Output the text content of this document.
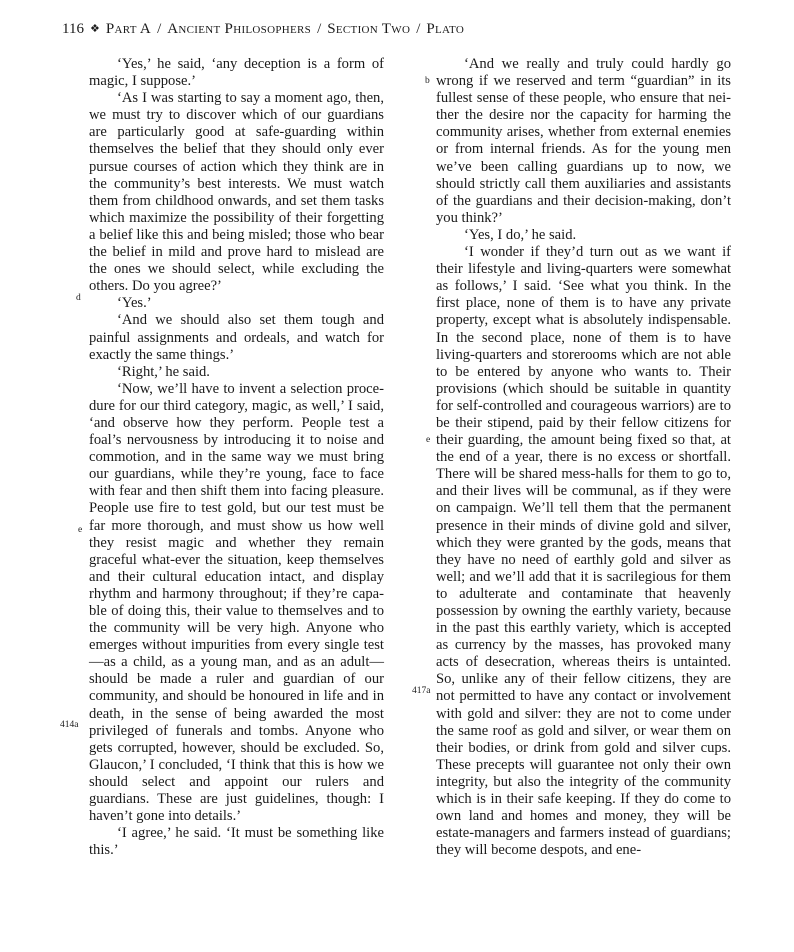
116 ❖ Part A / Ancient Philosophers / Section Two / Plato
d
e
414a
b
e
417a

‘Yes,’ he said, ‘any deception is a form of magic, I suppose.’

‘As I was starting to say a moment ago, then, we must try to discover which of our guardians are particularly good at safe-guarding within themselves the belief that they should only ever pursue courses of action which they think are in the community’s best interests. We must watch them from childhood onwards, and set them tasks which maximize the possibility of their forgetting a belief like this and being misled; those who bear the belief in mild and prove hard to mislead are the ones we should select, while excluding the others. Do you agree?’

‘Yes.’

‘And we should also set them tough and painful assignments and ordeals, and watch for exactly the same things.’

‘Right,’ he said.

‘Now, we’ll have to invent a selection procedure for our third category, magic, as well,’ I said, ‘and observe how they perform. People test a foal’s nervousness by introducing it to noise and commotion, and in the same way we must bring our guardians, while they’re young, face to face with fear and then shift them into facing pleasure. People use fire to test gold, but our test must be far more thorough, and must show us how well they resist magic and whether they remain graceful what-ever the situation, keep themselves and their cultural education intact, and display rhythm and harmony throughout; if they’re capable of doing this, their value to themselves and to the community will be very high. Anyone who emerges without impurities from every single test—as a child, as a young man, and as an adult—should be made a ruler and guardian of our community, and should be honoured in life and in death, in the sense of being awarded the most privileged of funerals and tombs. Anyone who gets corrupted, however, should be excluded. So, Glaucon,’ I concluded, ‘I think that this is how we should select and appoint our rulers and guardians. These are just guidelines, though: I haven’t gone into details.’

‘I agree,’ he said. ‘It must be something like this.’

‘And we really and truly could hardly go wrong if we reserved and term “guardian” in its fullest sense of these people, who ensure that neither the desire nor the capacity for harming the community arises, whether from external enemies or from internal friends. As for the young men we’ve been calling guardians up to now, we should strictly call them auxiliaries and assistants of the guardians and their decision-making, don’t you think?’

‘Yes, I do,’ he said.

‘I wonder if they’d turn out as we want if their lifestyle and living-quarters were somewhat as follows,’ I said. ‘See what you think. In the first place, none of them is to have any private property, except what is absolutely indispensable. In the second place, none of them is to have living-quarters and storerooms which are not able to be entered by anyone who wants to. Their provisions (which should be suitable in quantity for self-controlled and courageous warriors) are to be their stipend, paid by their fellow citizens for their guarding, the amount being fixed so that, at the end of a year, there is no excess or shortfall. There will be shared mess-halls for them to go to, and their lives will be communal, as if they were on campaign. We’ll tell them that the permanent presence in their minds of divine gold and silver, which they were granted by the gods, means that they have no need of earthly gold and silver as well; and we’ll add that it is sacrilegious for them to adulterate and contaminate that heavenly possession by owning the earthly variety, because in the past this earthly variety, which is accepted as currency by the masses, has provoked many acts of desecration, whereas theirs is untainted. So, unlike any of their fellow citizens, they are not permitted to have any contact or involvement with gold and silver: they are not to come under the same roof as gold and silver, or wear them on their bodies, or drink from gold and silver cups. These precepts will guarantee not only their own integrity, but also the integrity of the community which is in their safe keeping. If they do come to own land and homes and money, they will be estate-managers and farmers instead of guardians; they will become despots, and ene-
